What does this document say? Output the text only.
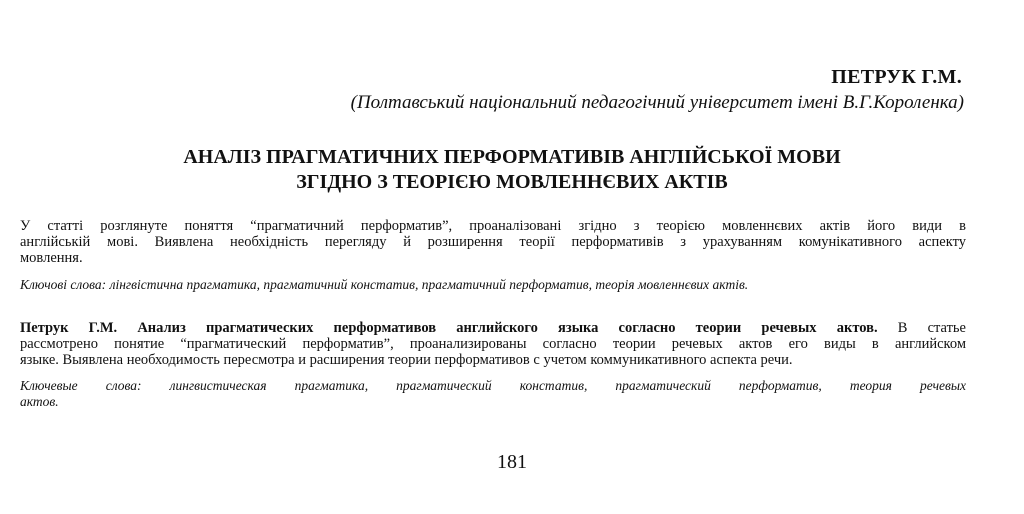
ПЕТРУК Г.М.
(Полтавський національний педагогічний університет імені В.Г.Короленка)
АНАЛІЗ ПРАГМАТИЧНИХ ПЕРФОРМАТИВІВ АНГЛІЙСЬКОЇ МОВИ
ЗГІДНО З ТЕОРІЄЮ МОВЛЕННЄВИХ АКТІВ
У статті розглянуте поняття “прагматичний перформатив”, проаналізовані згідно з теорією мовленнєвих актів його види в
англійській мові. Виявлена необхідність перегляду й розширення теорії перформативів з урахуванням комунікативного аспекту
мовлення.
Ключові слова: лінгвістична прагматика, прагматичний констатив, прагматичний перформатив, теорія мовленнєвих актів.
Петрук Г.М. Анализ прагматических перформативов английского языка согласно теории речевых актов. В статье
рассмотрено понятие “прагматический перформатив”, проанализированы согласно теории речевых актов его виды в английском
языке. Выявлена необходимость пересмотра и расширения теории перформативов с учетом коммуникативного аспекта речи.
Ключевые слова: лингвистическая прагматика, прагматический констатив, прагматический перформатив, теория речевых
актов.
181
